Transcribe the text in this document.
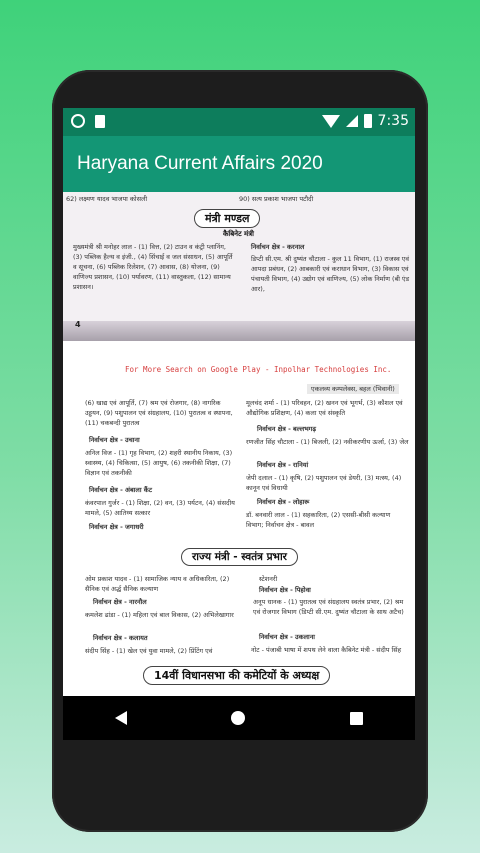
7:35
Haryana Current Affairs 2020
62) लक्ष्मण यादव भाजपा कोसली	90) सत्य प्रकाश भाजपा पटौदी
मंत्री मण्डल
कैबिनेट मंत्री
मुख्यमंत्री श्री मनोहर लाल - (1) वित्त, (2) टाउन व कंट्री प्लानिंग, (3) पब्लिक हैल्थ व इंजी., (4) सिंचाई व जल संसाधन, (5) आपूर्ति व सूचना, (6) पब्लिक रिलेशन, (7) आवास, (8) योजना, (9) वाणिज्य प्रशासन, (10) पर्यावरण, (11) वास्तुकला, (12) सामान्य प्रशासन।
निर्वाचन क्षेत्र - करनाल
डिप्टी सी.एम. श्री दुष्यंत चौटाला - कुल 11 विभाग, (1) राजस्व एवं आपदा प्रबंधन, (2) आबकारी एवं कराधान विभाग, (3) विकास एवं पंचायती विभाग, (4) उद्योग एवं वाणिज्य, (5) लोक निर्माण (बी एंड आर),
4
For More Search on Google Play - Inpolhar Technologies Inc.
एकलव्य कम्पलेक्स, बहल (भिवानी)
(6) खाद्य एवं आपूर्ति, (7) श्रम एवं रोजगार, (8) नागरिक उड्डयन, (9) पशुपालन एवं संग्रहालय, (10) पुरातत्व व स्थापना, (11) चकबन्दी पुरातत्व
निर्वाचन क्षेत्र - उचाना
अनिल विज - (1) गृह विभाग, (2) शहरी स्थानीय निकाय, (3) स्वास्थ्य, (4) चिकित्सा, (5) आयुष, (6) तकनीकी शिक्षा, (7) विज्ञान एवं तकनीकी
निर्वाचन क्षेत्र - अंबाला कैंट
कंवरपाल गुर्जर - (1) शिक्षा, (2) वन, (3) पर्यटन, (4) संसदीय मामले, (5) आतिथ्य सत्कार
निर्वाचन क्षेत्र - जगाधरी
मूलचंद शर्मा - (1) परिवहन, (2) खनन एवं भूगर्भ, (3) कौशल एवं औद्योगिक प्रशिक्षण, (4) कला एवं संस्कृति
निर्वाचन क्षेत्र - बल्लभगढ़
रणजीत सिंह चौटाला - (1) बिजली, (2) नवीकरणीय ऊर्जा, (3) जेल
निर्वाचन क्षेत्र - रानियां
जेपी दलाल - (1) कृषि, (2) पशुपालन एवं डेयरी, (3) मत्स्य, (4) कानून एवं विधायी
निर्वाचन क्षेत्र - लोहारू
डॉ. बनवारी लाल - (1) सहकारिता, (2) एससी-बीसी कल्याण विभाग; निर्वाचन क्षेत्र - बावल
राज्य मंत्री - स्वतंत्र प्रभार
ओम प्रकाश यादव - (1) सामाजिक न्याय व अधिकारिता, (2) सैनिक एवं अर्द्ध सैनिक कल्याण
निर्वाचन क्षेत्र - नारनौल
कमलेश ढांडा - (1) महिला एवं बाल विकास, (2) अभिलेखागार
निर्वाचन क्षेत्र - कलायत
संदीप सिंह - (1) खेल एवं युवा मामले, (2) प्रिंटिंग एवं
स्टेशनरी
निर्वाचन क्षेत्र - पिहोवा
अनूप धानक - (1) पुरातत्व एवं संग्रहालय स्वतंत्र प्रभार, (2) श्रम एवं रोजगार विभाग (डिप्टी सी.एम. दुष्यंत चौटाला के साथ अटैच)
निर्वाचन क्षेत्र - उकलाना
नोट - पंजाबी भाषा में शपथ लेने वाला कैबिनेट मंत्री - संदीप सिंह
14वीं विधानसभा की कमेटियों के अध्यक्ष
